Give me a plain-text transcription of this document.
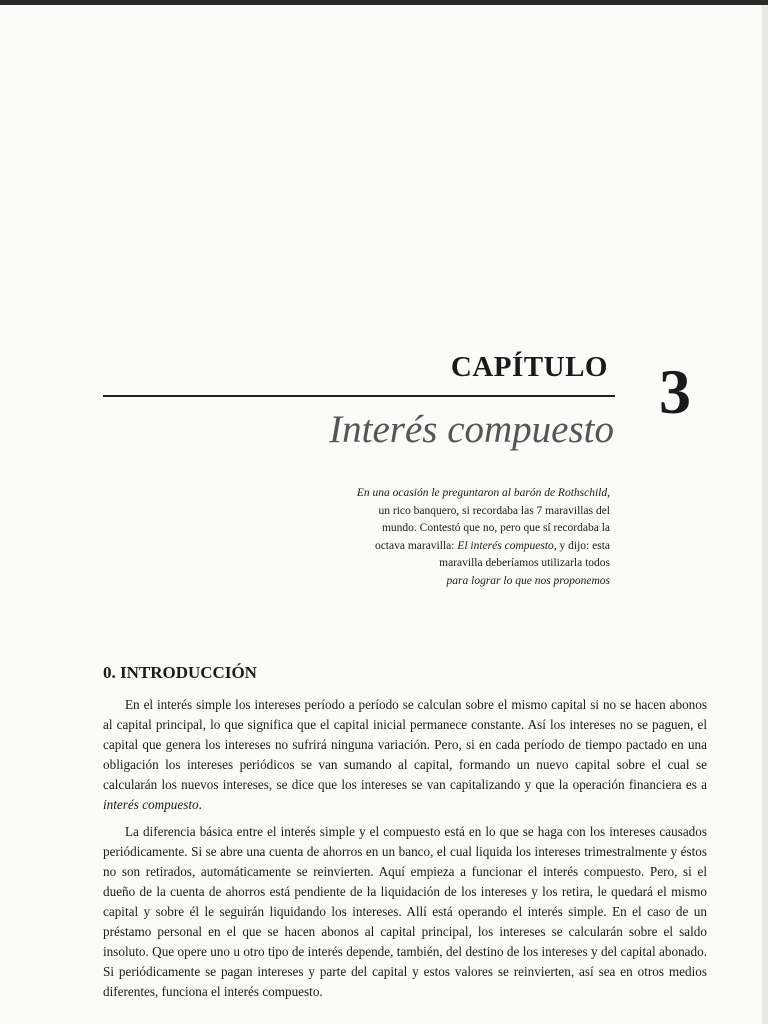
CAPÍTULO 3
Interés compuesto

En una ocasión le preguntaron al barón de Rothschild,

un rico banquero, si recordaba las 7 maravillas del

mundo. Contestó que no, pero que sí recordaba la

octava maravilla: El interés compuesto, y dijo: esta

maravilla deberíamos utilizarla todos

para lograr lo que nos proponemos

0. INTRODUCCIÓN

En el interés simple los intereses período a período se calculan sobre el mismo capital si no se hacen abonos al capital principal, lo que significa que el capital inicial permanece constante. Así los intereses no se paguen, el capital que genera los intereses no sufrirá ninguna variación. Pero, si en cada período de tiempo pactado en una obligación los intereses periódicos se van sumando al capital, formando un nuevo capital sobre el cual se calcularán los nuevos intereses, se dice que los intereses se van capitalizando y que la operación financiera es a interés compuesto.

La diferencia básica entre el interés simple y el compuesto está en lo que se haga con los intereses causados periódicamente. Si se abre una cuenta de ahorros en un banco, el cual liquida los intereses trimestralmente y éstos no son retirados, automáticamente se reinvierten. Aquí empieza a funcionar el interés compuesto. Pero, si el dueño de la cuenta de ahorros está pendiente de la liquidación de los intereses y los retira, le quedará el mismo capital y sobre él le seguirán liquidando los intereses. Allí está operando el interés simple. En el caso de un préstamo personal en el que se hacen abonos al capital principal, los intereses se calcularán sobre el saldo insoluto. Que opere uno u otro tipo de interés depende, también, del destino de los intereses y del capital abonado. Si periódicamente se pagan intereses y parte del capital y estos valores se reinvierten, así sea en otros medios diferentes, funciona el interés compuesto.
